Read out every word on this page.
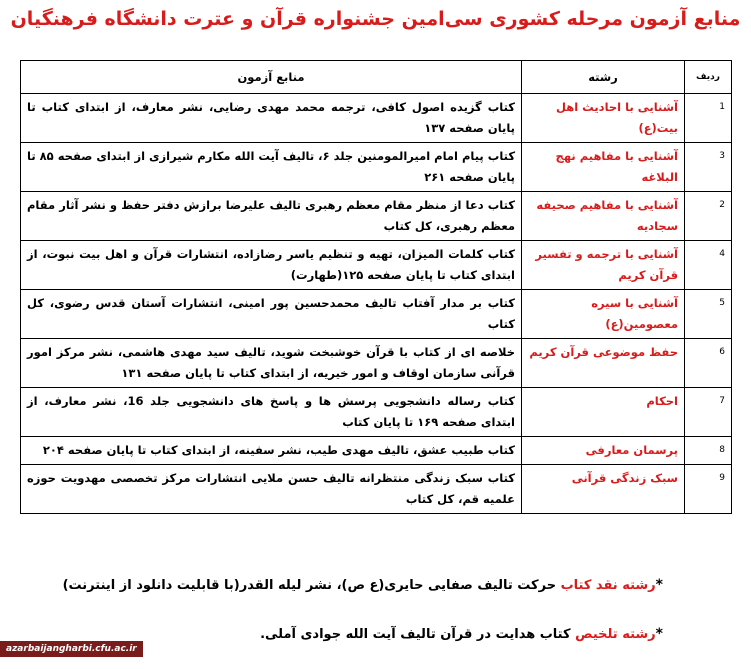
منابع آزمون مرحله کشوری سی‌امین جشنواره قرآن و عترت دانشگاه فرهنگیان
ردیف	رشته	منابع آزمون
1	آشنایی با احادیث اهل بیت(ع)	کتاب گزیده اصول کافی، ترجمه محمد مهدی رضایی، نشر معارف، از ابتدای کتاب تا پایان صفحه ۱۳۷
3	آشنایی با مفاهیم نهج البلاغه	کتاب پیام امام امیرالمومنین جلد ۶، تالیف آیت الله مکارم شیرازی از ابتدای صفحه ۸۵ تا پایان صفحه ۲۶۱
2	آشنایی با مفاهیم صحیفه سجادیه	کتاب دعا از منظر مقام معظم رهبری تالیف علیرضا برازش دفتر حفظ و نشر آثار مقام معظم رهبری، کل کتاب
4	آشنایی با ترجمه و تفسیر قرآن کریم	کتاب کلمات المیزان، تهیه و تنظیم یاسر رضازاده، انتشارات قرآن و اهل بیت نبوت، از ابتدای کتاب تا پایان صفحه ۱۲۵(طهارت)
5	آشنایی با سیره معصومین(ع)	کتاب بر مدار آفتاب تالیف محمدحسین پور امینی، انتشارات آستان قدس رضوی، کل کتاب
6	حفظ موضوعی قرآن کریم	خلاصه ای از کتاب با قرآن خوشبخت شوید، تالیف سید مهدی هاشمی، نشر مرکز امور قرآنی سازمان اوقاف و امور خیریه، از ابتدای کتاب تا پایان صفحه ۱۳۱
7	احکام	کتاب رساله دانشجویی پرسش ها و پاسخ های دانشجویی جلد 16، نشر معارف، از ابتدای صفحه ۱۶۹ تا پایان کتاب
8	پرسمان معارفی	کتاب طبیب عشق، تالیف مهدی طیب، نشر سفینه، از ابتدای کتاب تا پایان صفحه ۲۰۴
9	سبک زندگی قرآنی	کتاب سبک زندگی منتظرانه تالیف حسن ملایی انتشارات مرکز تخصصی مهدویت حوزه علمیه قم، کل کتاب
*رشته نقد کتاب حرکت تالیف صفایی حایری(ع ص)، نشر لیله القدر(با قابلیت دانلود از اینترنت)
*رشته تلخیص کتاب هدایت در قرآن تالیف آیت الله جوادی آملی.
azarbaijangharbi.cfu.ac.ir
